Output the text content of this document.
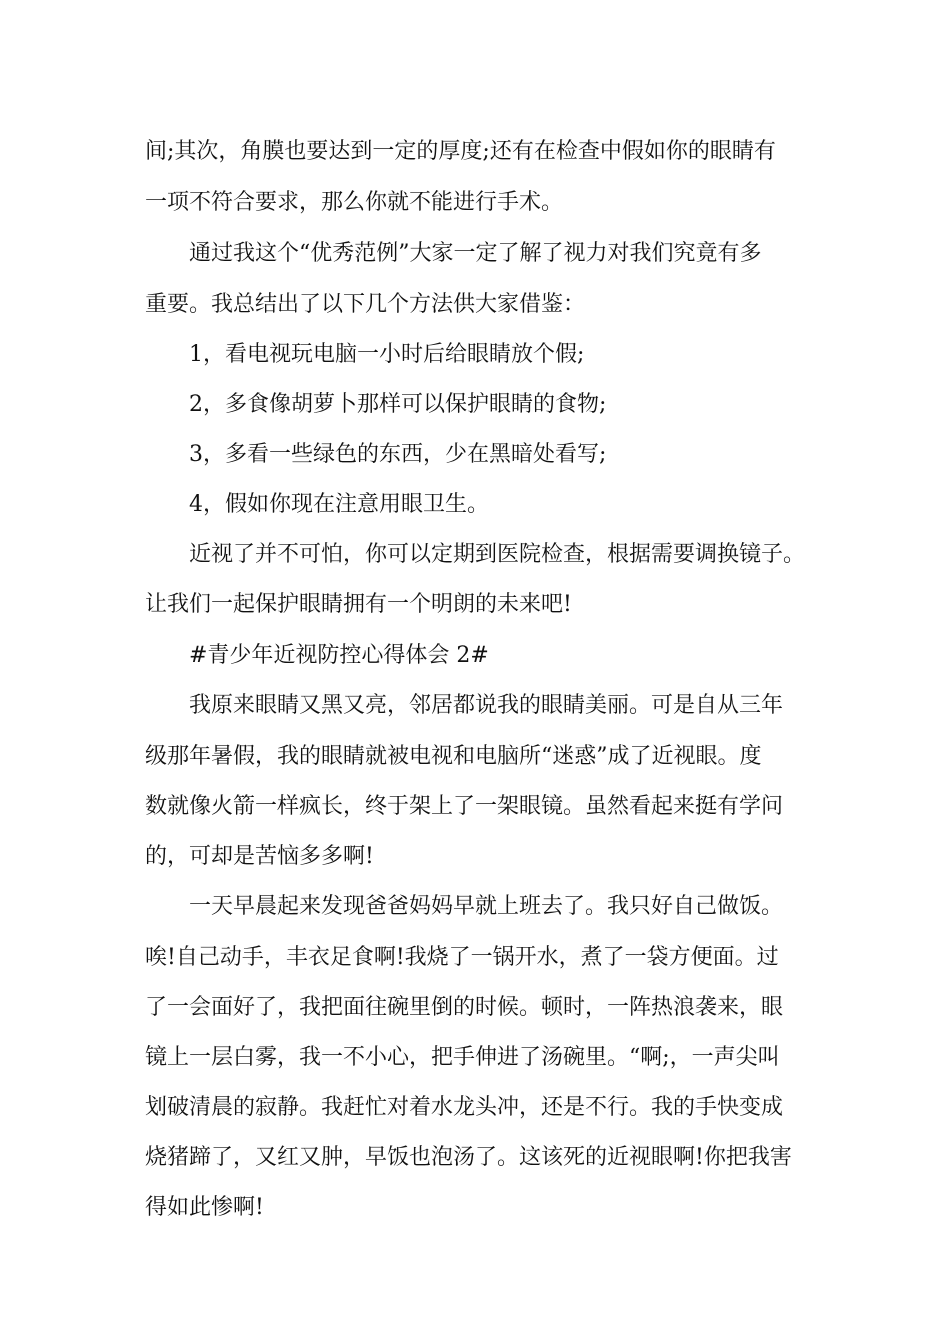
间;其次，角膜也要达到一定的厚度;还有在检查中假如你的眼睛有
一项不符合要求，那么你就不能进行手术。
通过我这个“优秀范例”大家一定了解了视力对我们究竟有多
重要。我总结出了以下几个方法供大家借鉴：
1，看电视玩电脑一小时后给眼睛放个假;
2，多食像胡萝卜那样可以保护眼睛的食物;
3，多看一些绿色的东西，少在黑暗处看写;
4，假如你现在注意用眼卫生。
近视了并不可怕，你可以定期到医院检查，根据需要调换镜子。
让我们一起保护眼睛拥有一个明朗的未来吧!
#青少年近视防控心得体会 2#
我原来眼睛又黑又亮，邻居都说我的眼睛美丽。可是自从三年
级那年暑假，我的眼睛就被电视和电脑所“迷惑”成了近视眼。度
数就像火箭一样疯长，终于架上了一架眼镜。虽然看起来挺有学问
的，可却是苦恼多多啊!
一天早晨起来发现爸爸妈妈早就上班去了。我只好自己做饭。
唉!自己动手，丰衣足食啊!我烧了一锅开水，煮了一袋方便面。过
了一会面好了，我把面往碗里倒的时候。顿时，一阵热浪袭来，眼
镜上一层白雾，我一不小心，把手伸进了汤碗里。“啊;，一声尖叫
划破清晨的寂静。我赶忙对着水龙头冲，还是不行。我的手快变成
烧猪蹄了，又红又肿，早饭也泡汤了。这该死的近视眼啊!你把我害
得如此惨啊!
